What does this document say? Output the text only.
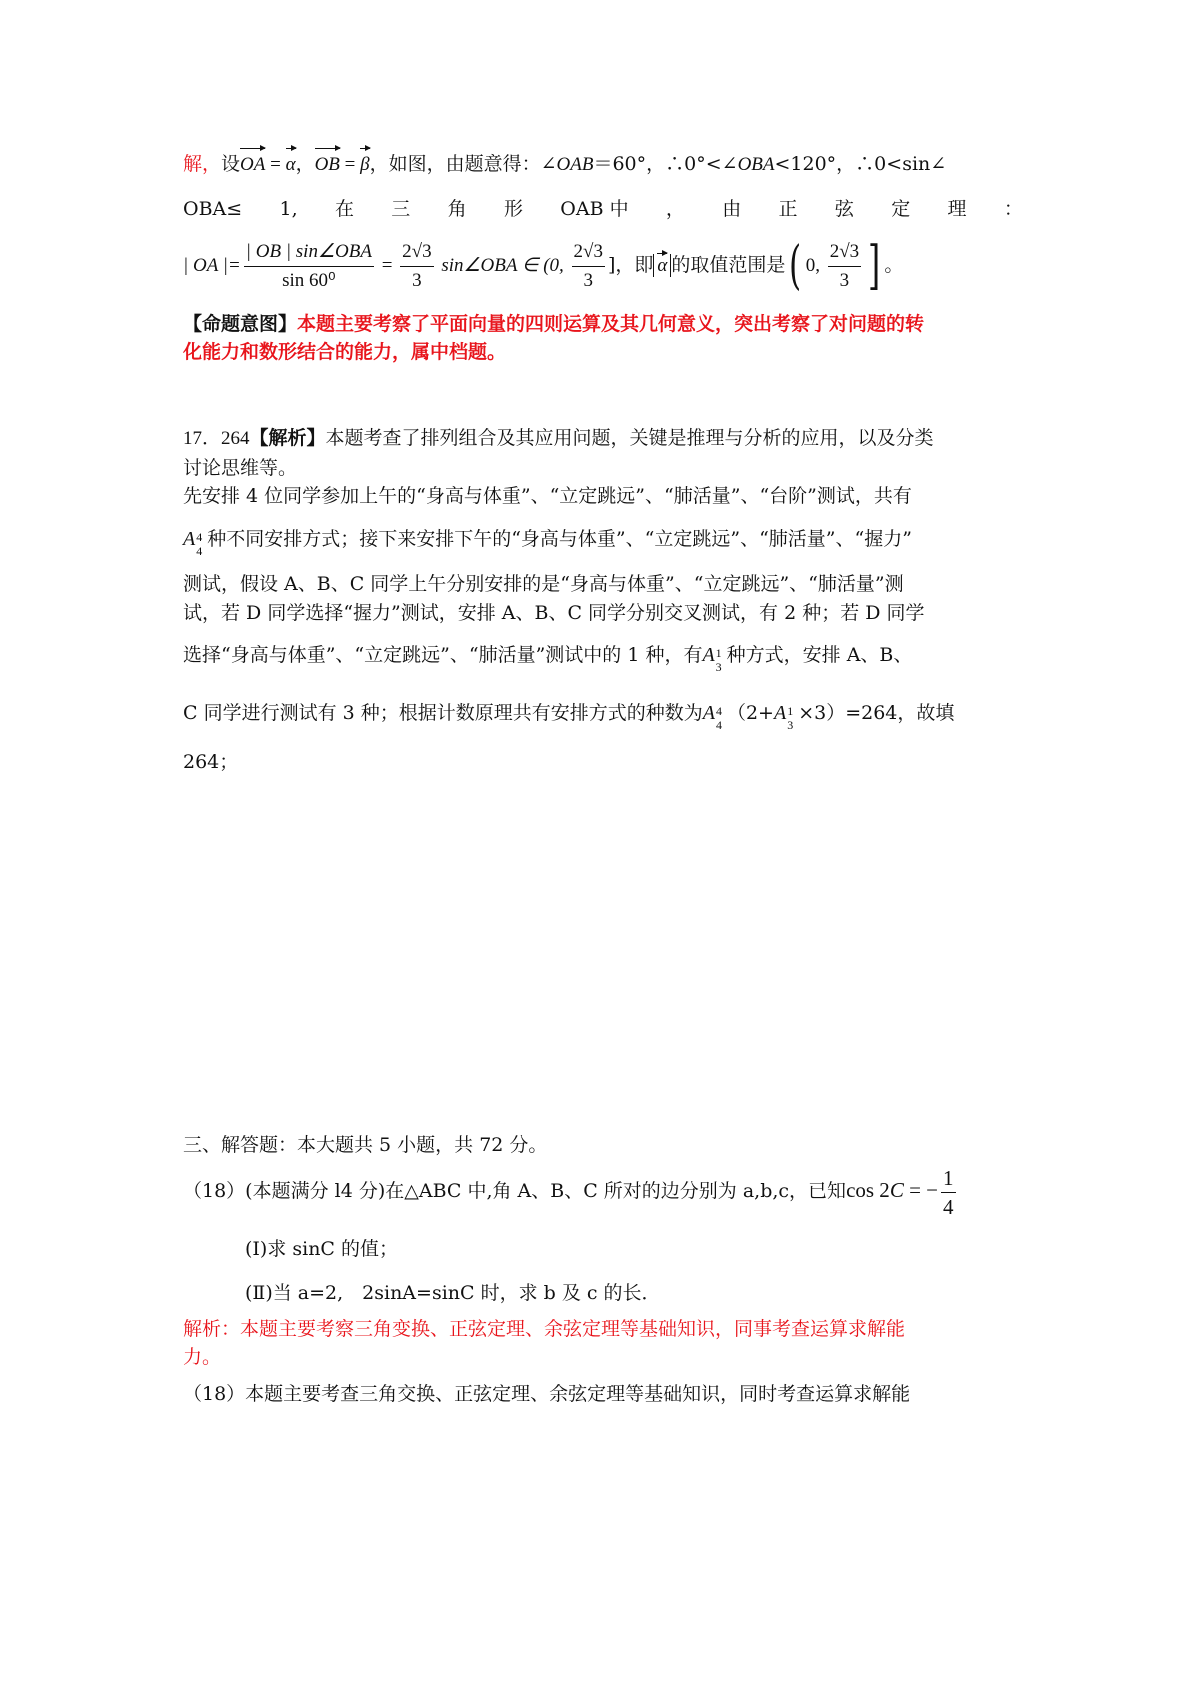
解，设
OA =
α，
OB =
β，如图，由题意得：∠OAB＝60°，∴0°<∠OBA<120°，∴0<sin∠
OBA≤ 1, 在 三 角 形 OAB 中 ， 由 正 弦 定 理 ：
| OA |= $\frac{\text{| OB | sin∠OBA}}{\text{sin 60⁰}} = \frac{2√3}{3}$ sin∠OBA ∈ (0, $\frac{2√3}{3}$ ]，即 α 的取值范围是( 0, $\frac{2√3}{3}$ ] 。
【命题意图】本题主要考察了平面向量的四则运算及其几何意义，突出考察了对问题的转
化能力和数形结合的能力，属中档题。
17．264【解析】本题考查了排列组合及其应用问题，关键是推理与分析的应用，以及分类
讨论思维等。
先安排 4 位同学参加上午的“身高与体重”、“立定跳远”、“肺活量”、“台阶”测试，共有
A 4
4
种不同安排方式；接下来安排下午的“身高与体重”、“立定跳远”、“肺活量”、“握力”
测试，假设 A、B、C 同学上午分别安排的是“身高与体重”、“立定跳远”、“肺活量”测
试，若 D 同学选择“握力”测试，安排 A、B、C 同学分别交叉测试，有 2 种；若 D 同学
选择“身高与体重”、“立定跳远”、“肺活量”测试中的 1 种，有A 1
3
种方式，安排 A、B、
C 同学进行测试有 3 种；根据计数原理共有安排方式的种数为A 4
4
（2+A 1
3
×3）=264，故填
264；
三、解答题：本大题共 5 小题，共 72 分。
（18）(本题满分 l4 分)在△ABC 中,角 A、B、C 所对的边分别为 a,b,c，已知cos 2C = − $\frac{1}{4}$
(I)求 sinC 的值；
(Ⅱ)当 a=2,　2sinA=sinC 时，求 b 及 c 的长．
解析：本题主要考察三角变换、正弦定理、余弦定理等基础知识，同事考查运算求解能
力。
（18）本题主要考查三角交换、正弦定理、余弦定理等基础知识，同时考查运算求解能
